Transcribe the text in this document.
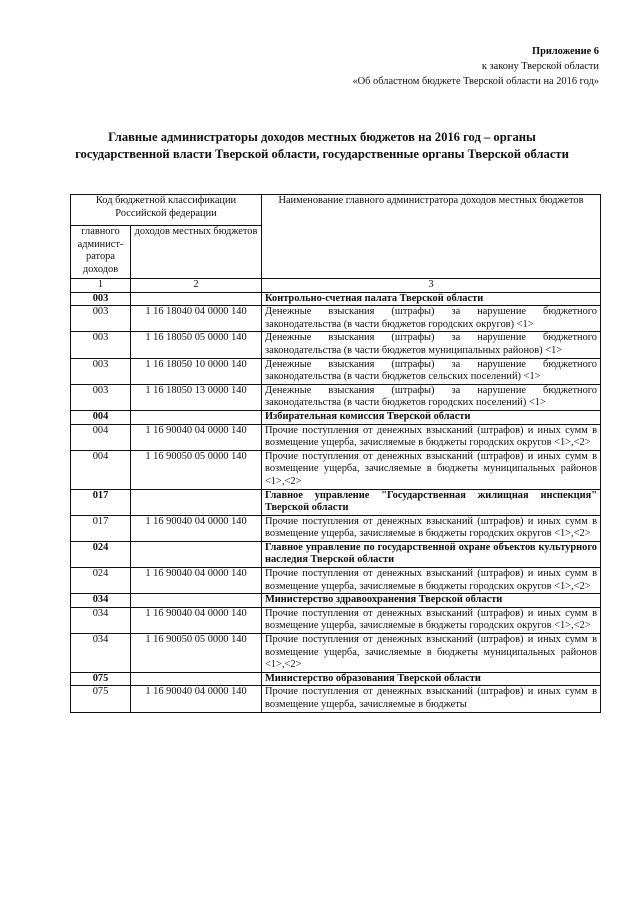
Приложение 6
к закону Тверской области
«Об областном бюджете Тверской области на 2016 год»
Главные администраторы доходов местных бюджетов на 2016 год – органы
государственной власти Тверской области, государственные органы Тверской области
Код бюджетной классификации Российской федерации		Наименование главного администратора доходов местных бюджетов
главного админист-ратора доходов	доходов местных бюджетов	
1	2	3
003		Контрольно-счетная палата Тверской области
003	1 16 18040 04 0000 140	Денежные взыскания (штрафы) за нарушение бюджетного законодательства (в части бюджетов городских округов) <1>
003	1 16 18050 05 0000 140	Денежные взыскания (штрафы) за нарушение бюджетного законодательства (в части бюджетов муниципальных районов) <1>
003	1 16 18050 10 0000 140	Денежные взыскания (штрафы) за нарушение бюджетного законодательства (в части бюджетов сельских поселений) <1>
003	1 16 18050 13 0000 140	Денежные взыскания (штрафы) за нарушение бюджетного законодательства (в части бюджетов городских поселений) <1>
004		Избирательная комиссия Тверской области
004	1 16 90040 04 0000 140	Прочие поступления от денежных взысканий (штрафов) и иных сумм в возмещение ущерба, зачисляемые в бюджеты городских округов <1>,<2>
004	1 16 90050 05 0000 140	Прочие поступления от денежных взысканий (штрафов) и иных сумм в возмещение ущерба, зачисляемые в бюджеты муниципальных районов <1>,<2>
017		Главное управление "Государственная жилищная инспекция" Тверской области
017	1 16 90040 04 0000 140	Прочие поступления от денежных взысканий (штрафов) и иных сумм в возмещение ущерба, зачисляемые в бюджеты городских округов <1>,<2>
024		Главное управление по государственной охране объектов культурного наследия Тверской области
024	1 16 90040 04 0000 140	Прочие поступления от денежных взысканий (штрафов) и иных сумм в возмещение ущерба, зачисляемые в бюджеты городских округов <1>,<2>
034		Министерство здравоохранения Тверской области
034	1 16 90040 04 0000 140	Прочие поступления от денежных взысканий (штрафов) и иных сумм в возмещение ущерба, зачисляемые в бюджеты городских округов <1>,<2>
034	1 16 90050 05 0000 140	Прочие поступления от денежных взысканий (штрафов) и иных сумм в возмещение ущерба, зачисляемые в бюджеты муниципальных районов <1>,<2>
075		Министерство образования Тверской области
075	1 16 90040 04 0000 140	Прочие поступления от денежных взысканий (штрафов) и иных сумм в возмещение ущерба, зачисляемые в бюджеты
